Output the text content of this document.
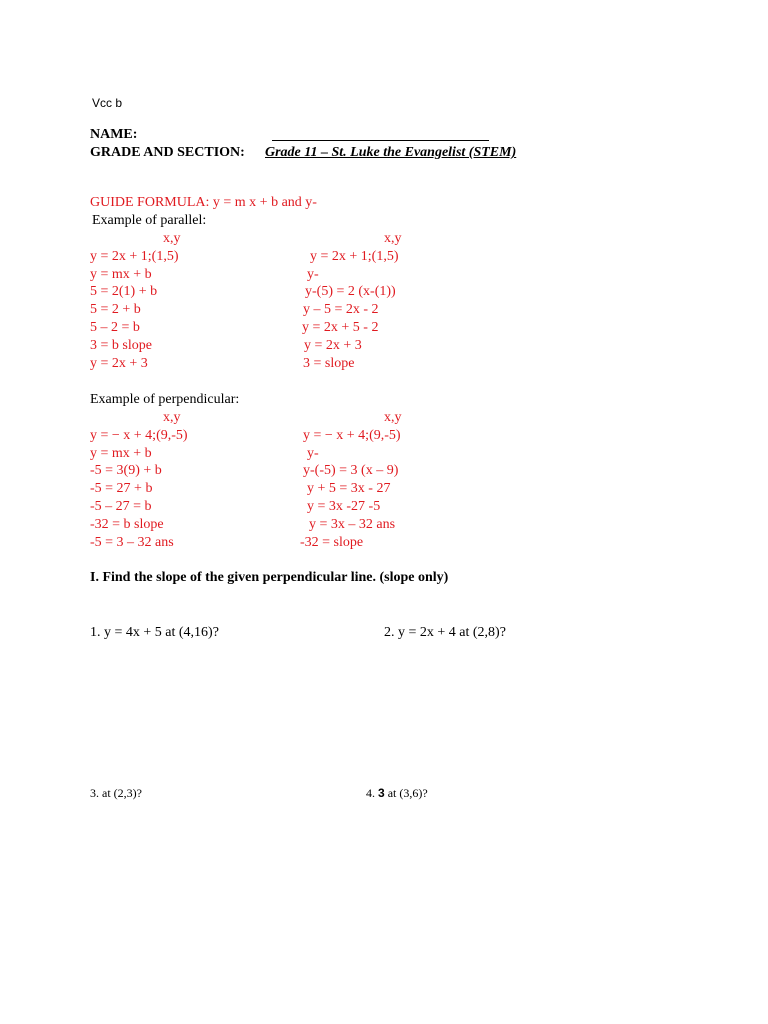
Vcc b
NAME:
GRADE AND SECTION: Grade 11 – St. Luke the Evangelist (STEM)
GUIDE FORMULA: y = m x + b and y-
Example of parallel:
x,y
y = 2x + 1;(1,5)
y = mx + b
5 = 2(1) + b
5 = 2 + b
5 – 2 = b
3 = b slope
y = 2x + 3
x,y
y = 2x + 1;(1,5)
y-
y-(5) = 2 (x-(1))
y – 5 = 2x - 2
y = 2x + 5 - 2
y = 2x + 3
3 = slope
Example of perpendicular:
x,y
y = − x + 4;(9,-5)
y = mx + b
-5 = 3(9) + b
-5 = 27 + b
-5 – 27 = b
-32 = b slope
-5 = 3 – 32 ans
x,y
y = − x + 4;(9,-5)
y-
y-(-5) = 3 (x – 9)
y + 5 = 3x - 27
y = 3x -27 -5
y = 3x – 32 ans
-32 = slope
I. Find the slope of the given perpendicular line. (slope only)
1. y = 4x + 5 at (4,16)?	2. y = 2x + 4 at (2,8)?
3. at (2,3)?	4. 3 at (3,6)?
